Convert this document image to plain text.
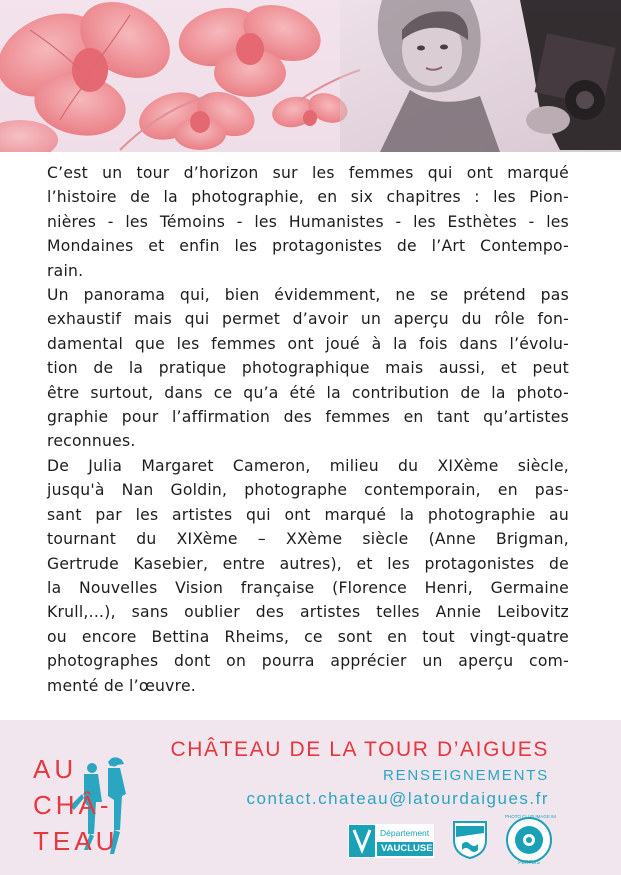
C’est un tour d’horizon sur les femmes qui ont marqué
l’histoire de la photographie, en six chapitres : les Pion-
nières - les Témoins - les Humanistes - les Esthètes - les
Mondaines et enfin les protagonistes de l’Art Contempo-
rain.

Un panorama qui, bien évidemment, ne se prétend pas
exhaustif mais qui permet d’avoir un aperçu du rôle fon-
damental que les femmes ont joué à la fois dans l’évolu-
tion de la pratique photographique mais aussi, et peut
être surtout, dans ce qu’a été la contribution de la photo-
graphie pour l’affirmation des femmes en tant qu’artistes
reconnues.

De Julia Margaret Cameron, milieu du XIXème siècle,
jusqu'à Nan Goldin, photographe contemporain, en pas-
sant par les artistes qui ont marqué la photographie au
tournant du XIXème – XXème siècle (Anne Brigman,
Gertrude Kasebier, entre autres), et les protagonistes de
la Nouvelles Vision française (Florence Henri, Germaine
Krull,...), sans oublier des artistes telles Annie Leibovitz
ou encore Bettina Rheims, ce sont en tout vingt-quatre
photographes dont on pourra apprécier un aperçu com-
menté de l’œuvre.

AU
CHÂ-
TEAU
CHÂTEAU DE LA TOUR D’AIGUES
RENSEIGNEMENTS
contact.chateau@latourdaigues.fr
Département
VAUCLUSE
PHOTO CLUB IMAGE 84
PERTUIS
